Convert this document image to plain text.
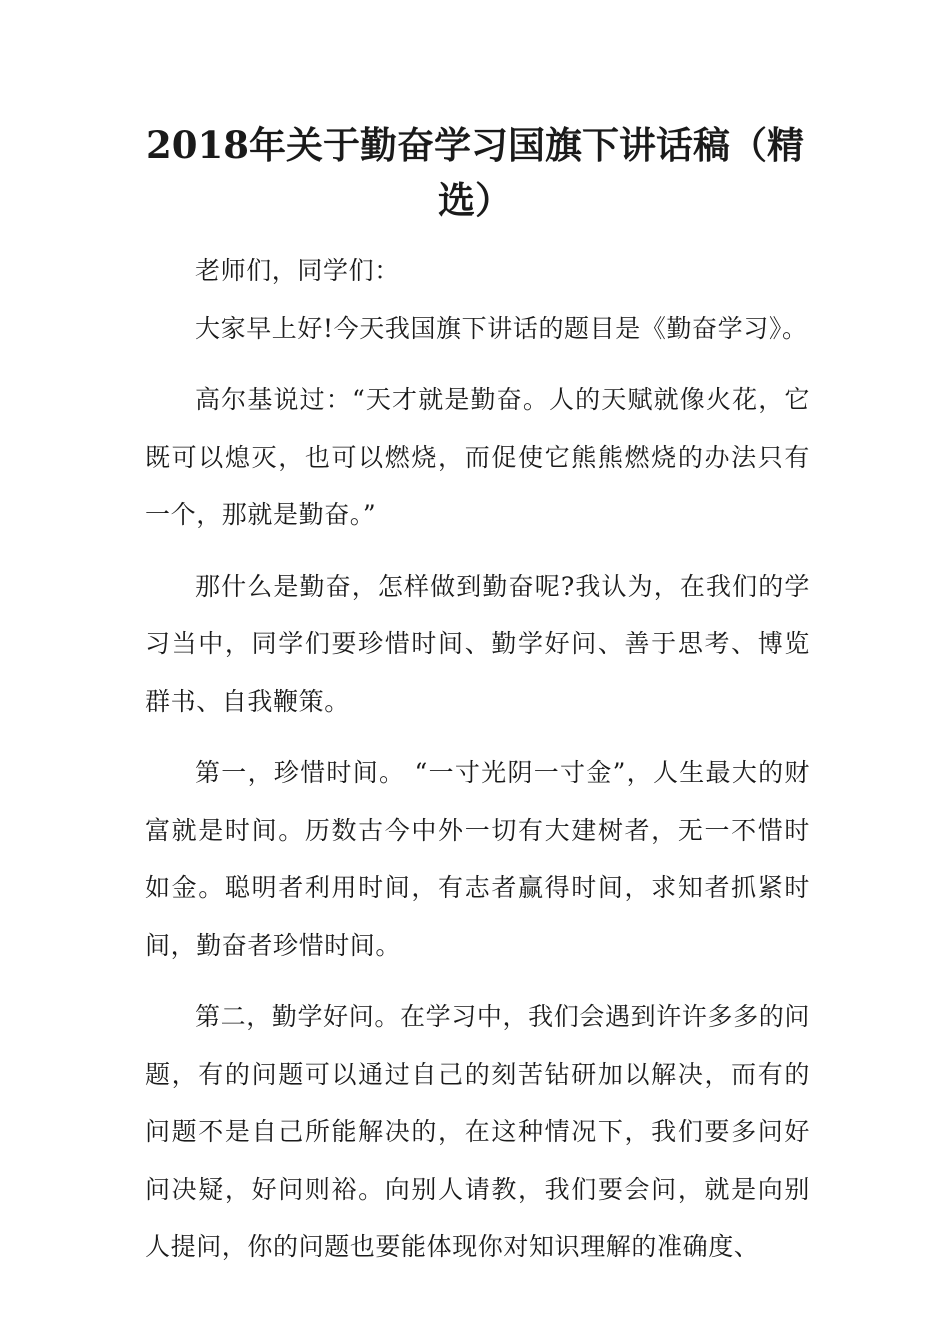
2018年关于勤奋学习国旗下讲话稿（精选）

老师们，同学们：

大家早上好!今天我国旗下讲话的题目是《勤奋学习》。

高尔基说过：“天才就是勤奋。人的天赋就像火花，它既可以熄灭，也可以燃烧，而促使它熊熊燃烧的办法只有一个，那就是勤奋。”

那什么是勤奋，怎样做到勤奋呢?我认为，在我们的学习当中，同学们要珍惜时间、勤学好问、善于思考、博览群书、自我鞭策。

第一，珍惜时间。 “一寸光阴一寸金”，人生最大的财富就是时间。历数古今中外一切有大建树者，无一不惜时如金。聪明者利用时间，有志者赢得时间，求知者抓紧时间，勤奋者珍惜时间。

第二，勤学好问。在学习中，我们会遇到许许多多的问题，有的问题可以通过自己的刻苦钻研加以解决，而有的问题不是自己所能解决的，在这种情况下，我们要多问好问决疑，好问则裕。向别人请教，我们要会问，就是向别人提问，你的问题也要能体现你对知识理解的准确度、
